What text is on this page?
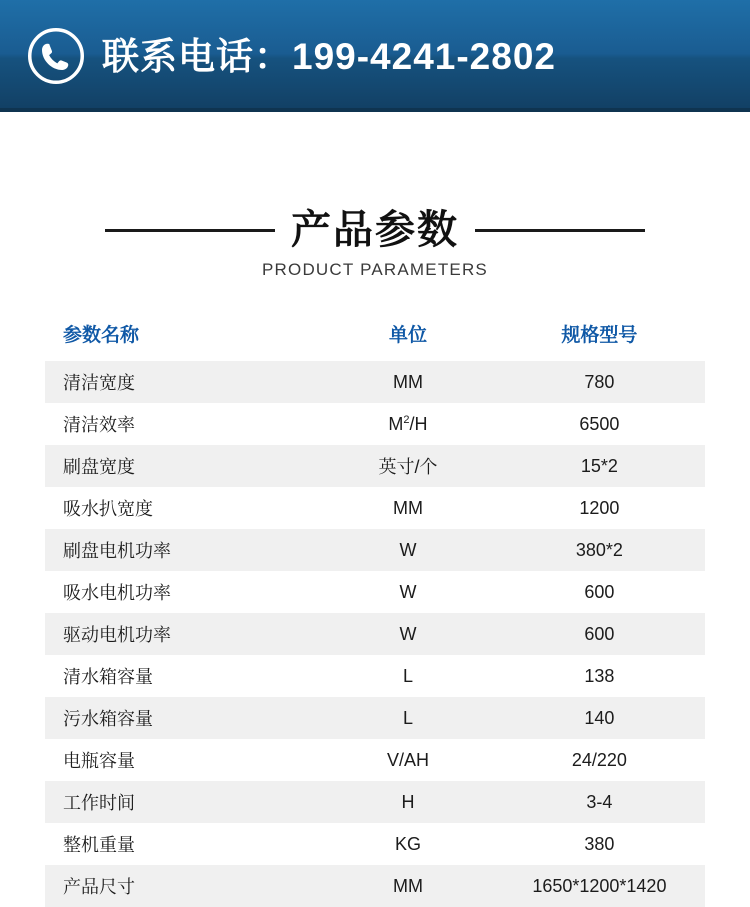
联系电话：199-4241-2802
产品参数
PRODUCT PARAMETERS
参数名称	单位	规格型号
清洁宽度	MM	780
清洁效率	$M^2/H$	6500
刷盘宽度	英寸/个	15*2
吸水扒宽度	MM	1200
刷盘电机功率	W	380*2
吸水电机功率	W	600
驱动电机功率	W	600
清水箱容量	L	138
污水箱容量	L	140
电瓶容量	V/AH	24/220
工作时间	H	3-4
整机重量	KG	380
产品尺寸	MM	1650*1200*1420
